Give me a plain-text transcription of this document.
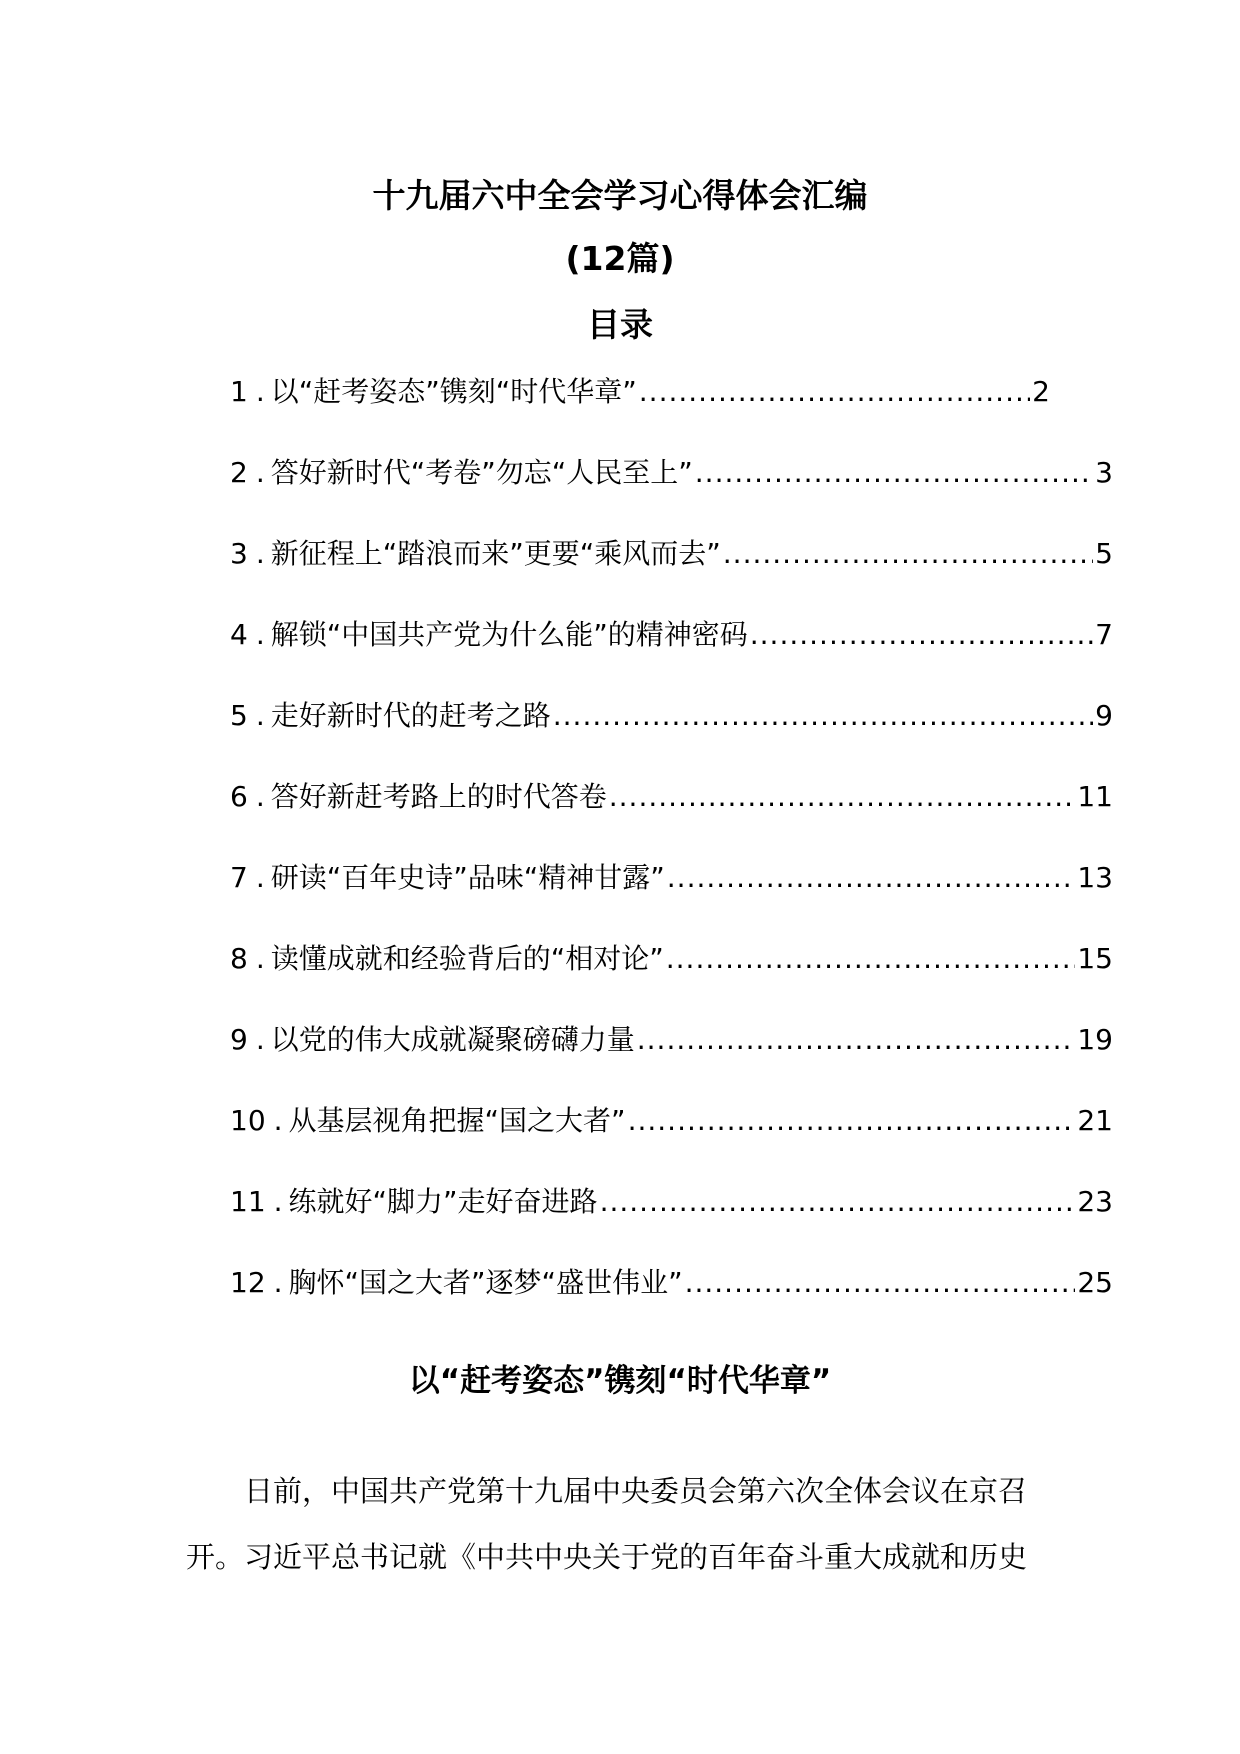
十九届六中全会学习心得体会汇编
(12篇)
目录
1 . 以“赶考姿态”镌刻“时代华章” .....	2
2 . 答好新时代“考卷”勿忘“人民至上” .....	3
3 . 新征程上“踏浪而来”更要“乘风而去” .....	5
4 . 解锁“中国共产党为什么能”的精神密码 .....	7
5 . 走好新时代的赶考之路 .....	9
6 . 答好新赶考路上的时代答卷 .....	11
7 . 研读“百年史诗”品味“精神甘露” .....	13
8 . 读懂成就和经验背后的“相对论” .....	15
9 . 以党的伟大成就凝聚磅礴力量 .....	19
10 . 从基层视角把握“国之大者” .....	21
11 . 练就好“脚力”走好奋进路 .....	23
12 . 胸怀“国之大者”逐梦“盛世伟业” .....	25
以“赶考姿态”镌刻“时代华章”

日前，中国共产党第十九届中央委员会第六次全体会议在京召
开。习近平总书记就《中共中央关于党的百年奋斗重大成就和历史
